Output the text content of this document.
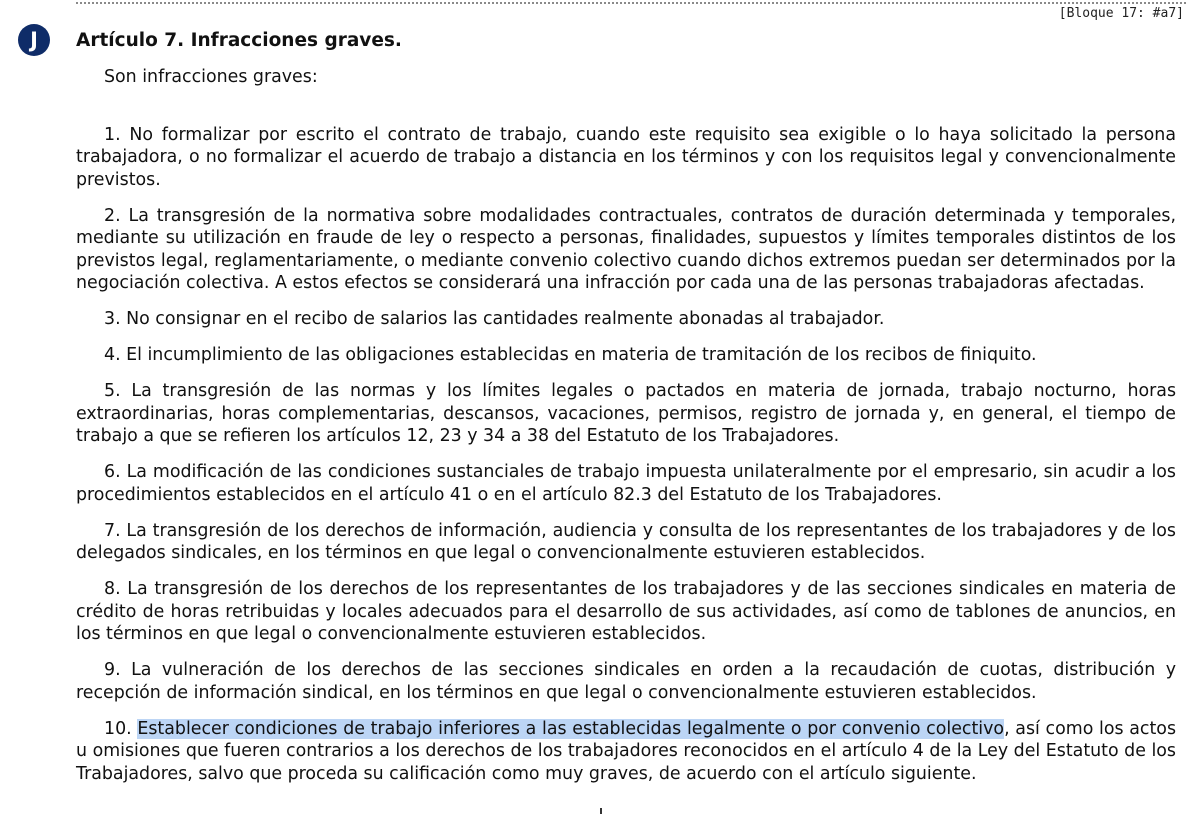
[Bloque 17: #a7]
J	Artículo 7. Infracciones graves.

Son infracciones graves:

1. No formalizar por escrito el contrato de trabajo, cuando este requisito sea exigible o lo haya solicitado la persona trabajadora, o no formalizar el acuerdo de trabajo a distancia en los términos y con los requisitos legal y convencionalmente previstos.

2. La transgresión de la normativa sobre modalidades contractuales, contratos de duración determinada y temporales, mediante su utilización en fraude de ley o respecto a personas, finalidades, supuestos y límites temporales distintos de los previstos legal, reglamentariamente, o mediante convenio colectivo cuando dichos extremos puedan ser determinados por la negociación colectiva. A estos efectos se considerará una infracción por cada una de las personas trabajadoras afectadas.

3. No consignar en el recibo de salarios las cantidades realmente abonadas al trabajador.

4. El incumplimiento de las obligaciones establecidas en materia de tramitación de los recibos de finiquito.

5. La transgresión de las normas y los límites legales o pactados en materia de jornada, trabajo nocturno, horas extraordinarias, horas complementarias, descansos, vacaciones, permisos, registro de jornada y, en general, el tiempo de trabajo a que se refieren los artículos 12, 23 y 34 a 38 del Estatuto de los Trabajadores.

6. La modificación de las condiciones sustanciales de trabajo impuesta unilateralmente por el empresario, sin acudir a los procedimientos establecidos en el artículo 41 o en el artículo 82.3 del Estatuto de los Trabajadores.

7. La transgresión de los derechos de información, audiencia y consulta de los representantes de los trabajadores y de los delegados sindicales, en los términos en que legal o convencionalmente estuvieren establecidos.

8. La transgresión de los derechos de los representantes de los trabajadores y de las secciones sindicales en materia de crédito de horas retribuidas y locales adecuados para el desarrollo de sus actividades, así como de tablones de anuncios, en los términos en que legal o convencionalmente estuvieren establecidos.

9. La vulneración de los derechos de las secciones sindicales en orden a la recaudación de cuotas, distribución y recepción de información sindical, en los términos en que legal o convencionalmente estuvieren establecidos.

10. Establecer condiciones de trabajo inferiores a las establecidas legalmente o por convenio colectivo, así como los actos u omisiones que fueren contrarios a los derechos de los trabajadores reconocidos en el artículo 4 de la Ley del Estatuto de los Trabajadores, salvo que proceda su calificación como muy graves, de acuerdo con el artículo siguiente.
